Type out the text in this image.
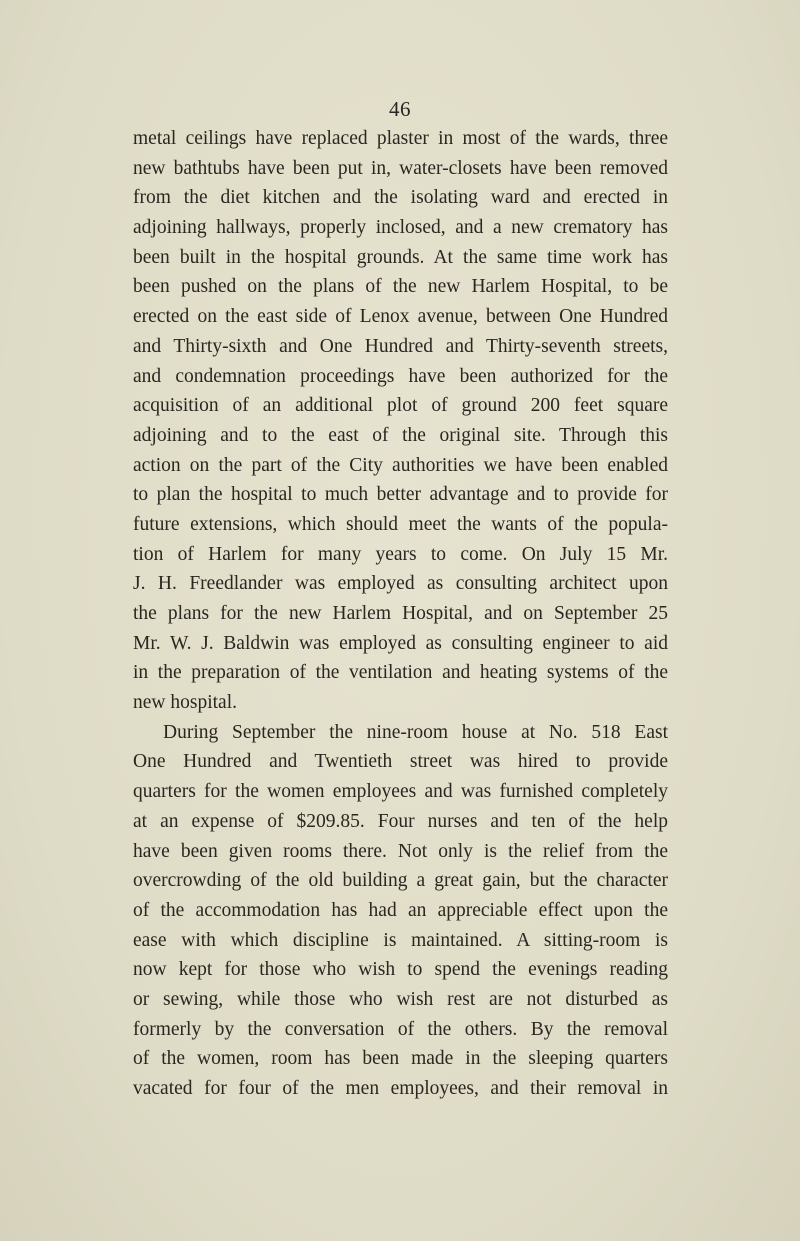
46
metal ceilings have replaced plaster in most of the wards, three
new bathtubs have been put in, water-closets have been removed
from the diet kitchen and the isolating ward and erected in
adjoining hallways, properly inclosed, and a new crematory has
been built in the hospital grounds. At the same time work has
been pushed on the plans of the new Harlem Hospital, to be
erected on the east side of Lenox avenue, between One Hundred
and Thirty-sixth and One Hundred and Thirty-seventh streets,
and condemnation proceedings have been authorized for the
acquisition of an additional plot of ground 200 feet square
adjoining and to the east of the original site. Through this
action on the part of the City authorities we have been enabled
to plan the hospital to much better advantage and to provide for
future extensions, which should meet the wants of the popula-
tion of Harlem for many years to come. On July 15 Mr.
J. H. Freedlander was employed as consulting architect upon
the plans for the new Harlem Hospital, and on September 25
Mr. W. J. Baldwin was employed as consulting engineer to aid
in the preparation of the ventilation and heating systems of the
new hospital.
During September the nine-room house at No. 518 East
One Hundred and Twentieth street was hired to provide
quarters for the women employees and was furnished completely
at an expense of $209.85. Four nurses and ten of the help
have been given rooms there. Not only is the relief from the
overcrowding of the old building a great gain, but the character
of the accommodation has had an appreciable effect upon the
ease with which discipline is maintained. A sitting-room is
now kept for those who wish to spend the evenings reading
or sewing, while those who wish rest are not disturbed as
formerly by the conversation of the others. By the removal
of the women, room has been made in the sleeping quarters
vacated for four of the men employees, and their removal in
